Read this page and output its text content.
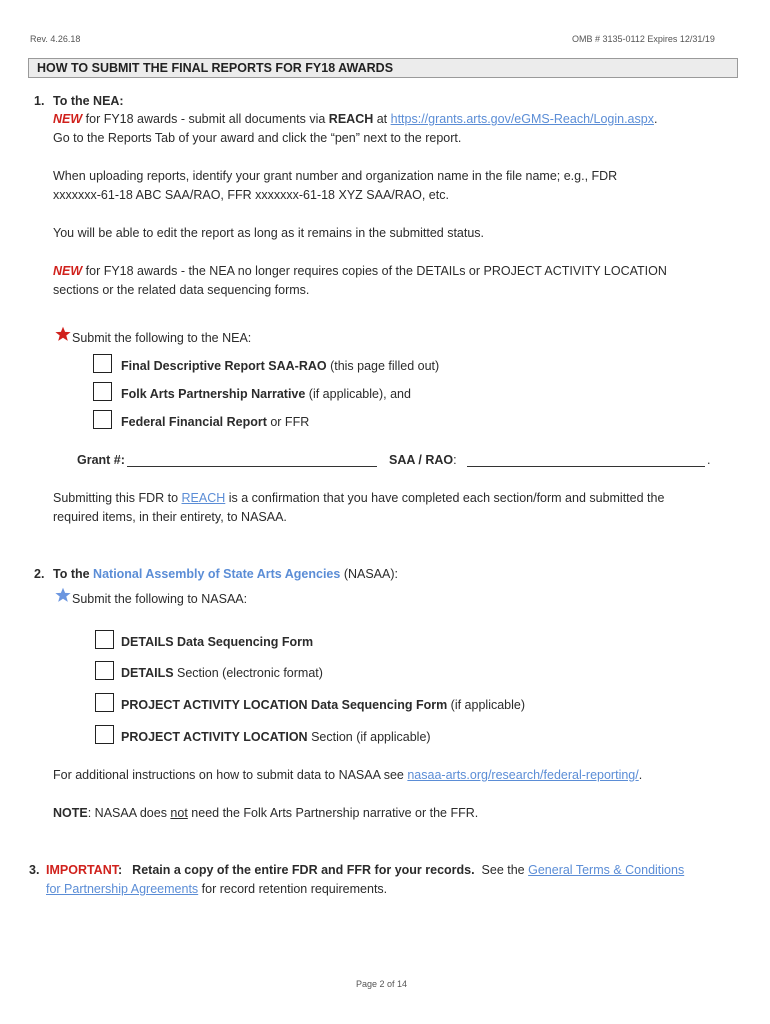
Rev. 4.26.18	OMB # 3135-0112 Expires 12/31/19
HOW TO SUBMIT THE FINAL REPORTS FOR FY18 AWARDS
1. To the NEA:
NEW for FY18 awards - submit all documents via REACH at https://grants.arts.gov/eGMS-Reach/Login.aspx.
Go to the Reports Tab of your award and click the “pen” next to the report.
When uploading reports, identify your grant number and organization name in the file name; e.g., FDR
xxxxxxx-61-18 ABC SAA/RAO, FFR xxxxxxx-61-18 XYZ SAA/RAO, etc.
You will be able to edit the report as long as it remains in the submitted status.
NEW for FY18 awards - the NEA no longer requires copies of the DETAILs or PROJECT ACTIVITY LOCATION
sections or the related data sequencing forms.
Submit the following to the NEA:
Final Descriptive Report SAA-RAO (this page filled out)
Folk Arts Partnership Narrative (if applicable), and
Federal Financial Report or FFR
Grant #:	SAA / RAO:	.
Submitting this FDR to REACH is a confirmation that you have completed each section/form and submitted the
required items, in their entirety, to NASAA.
2. To the National Assembly of State Arts Agencies (NASAA):
Submit the following to NASAA:
DETAILS Data Sequencing Form
DETAILS Section (electronic format)
PROJECT ACTIVITY LOCATION Data Sequencing Form (if applicable)
PROJECT ACTIVITY LOCATION Section (if applicable)
For additional instructions on how to submit data to NASAA see nasaa-arts.org/research/federal-reporting/.
NOTE: NASAA does not need the Folk Arts Partnership narrative or the FFR.
3. IMPORTANT: Retain a copy of the entire FDR and FFR for your records.  See the General Terms & Conditions
for Partnership Agreements for record retention requirements.
Page 2 of 14
